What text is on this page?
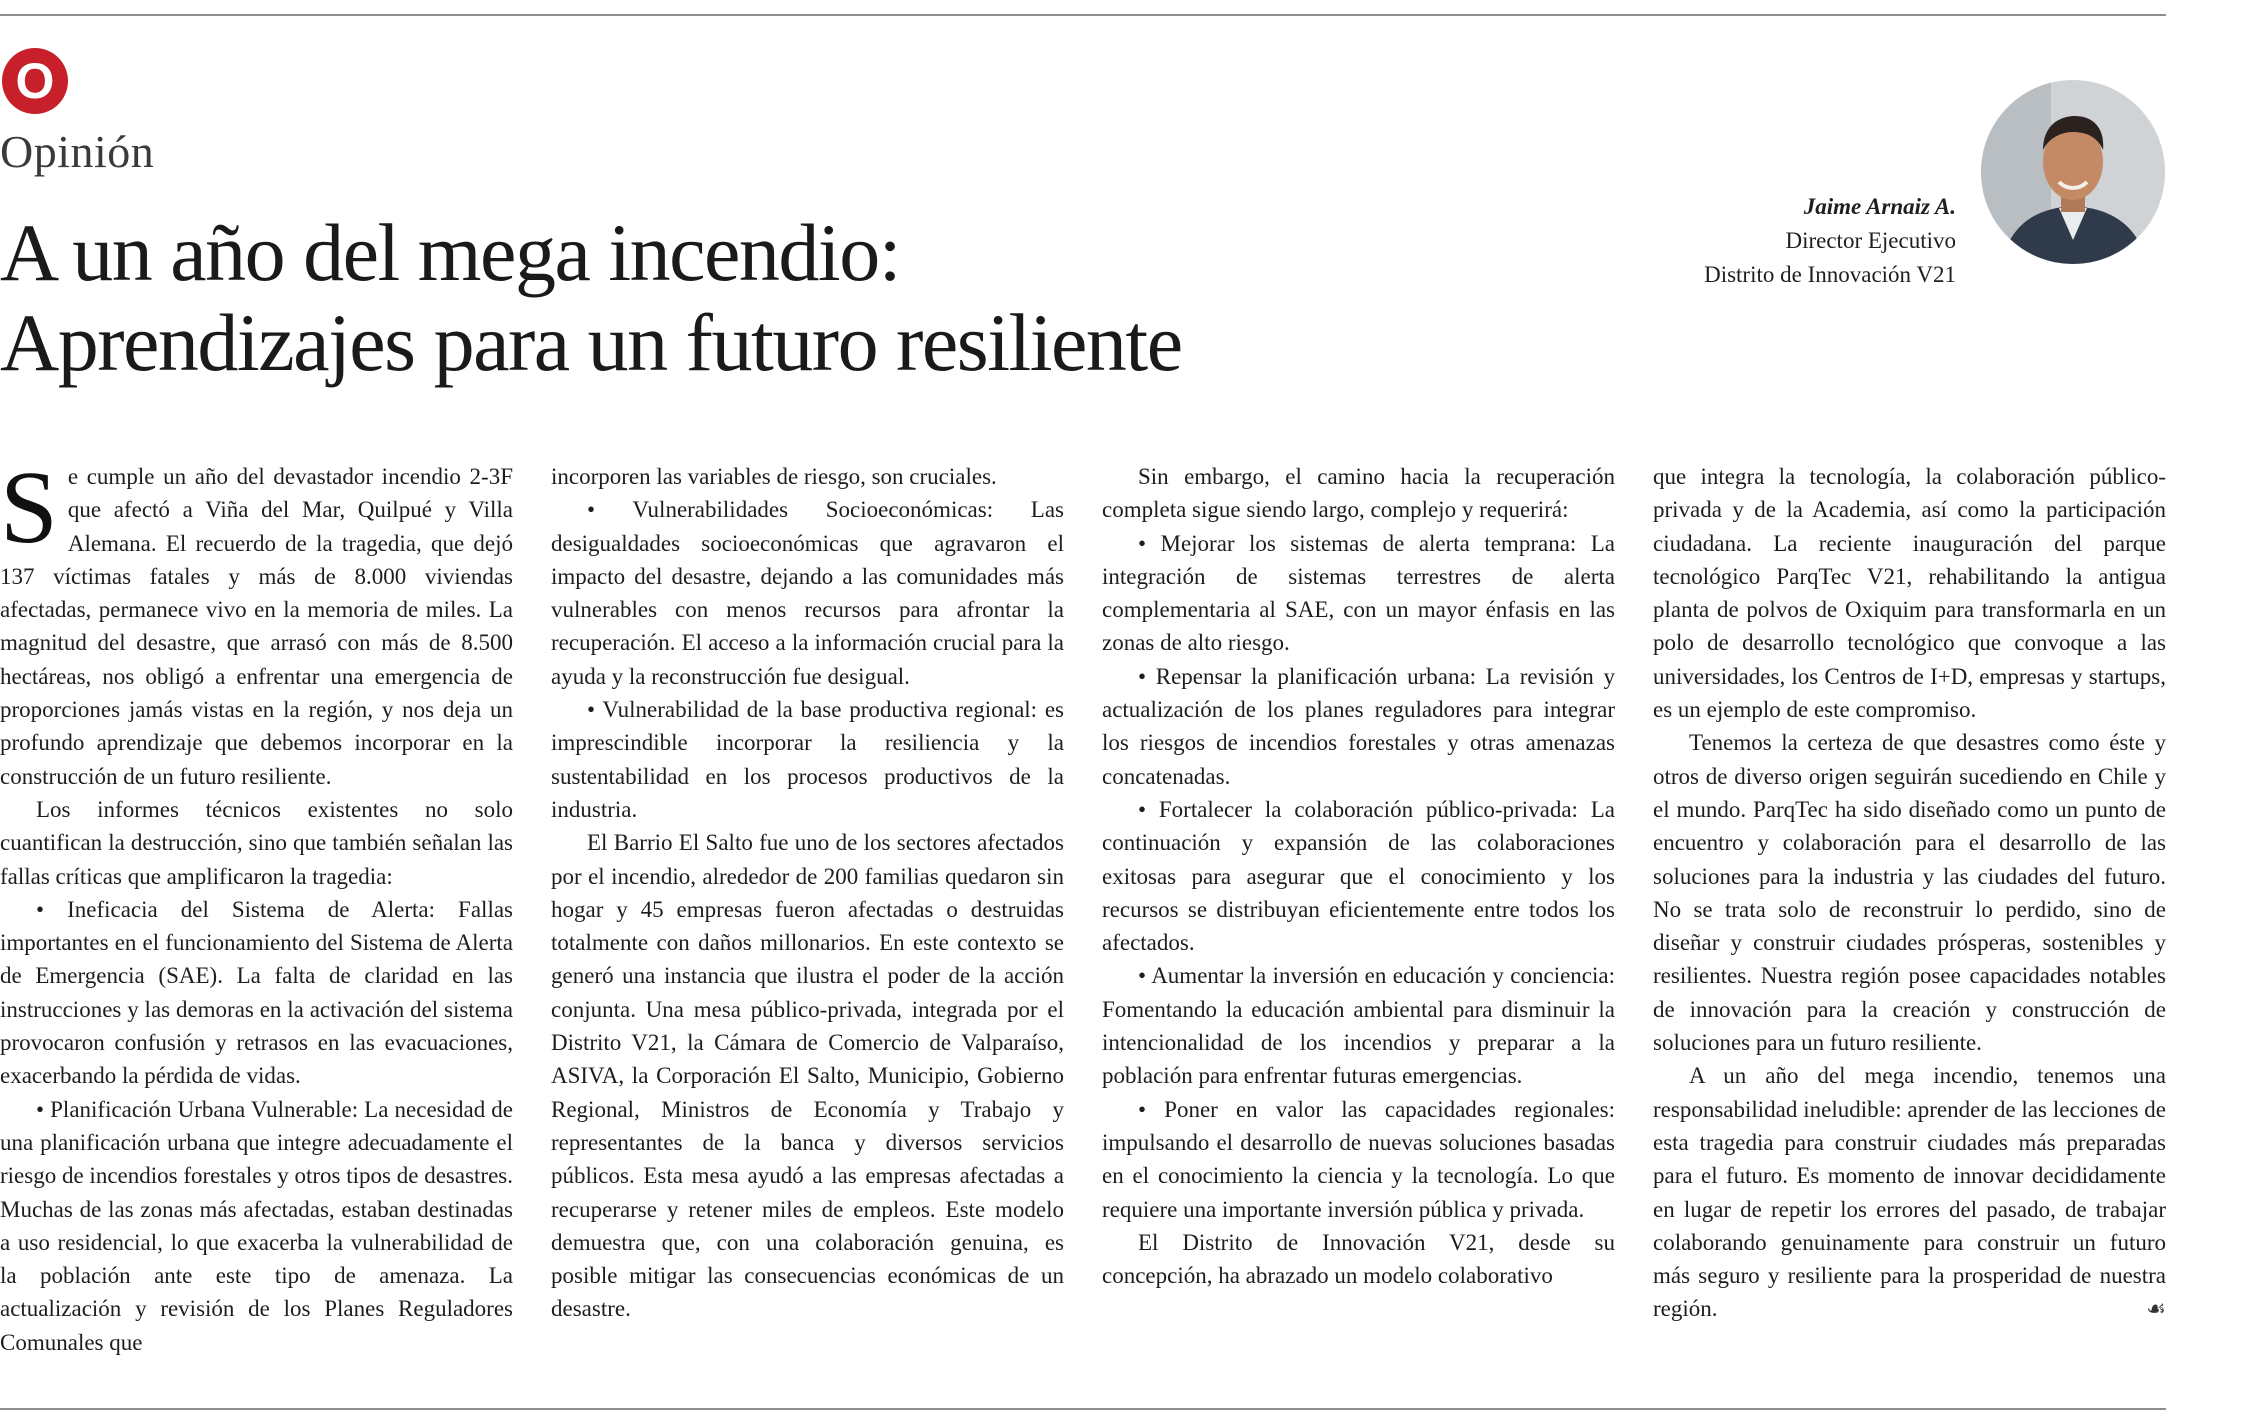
O
Opinión
A un año del mega incendio:
Aprendizajes para un futuro resiliente
Jaime Arnaiz A.
Director Ejecutivo
Distrito de Innovación V21

Se cumple un año del devastador incendio 2-3F que afectó a Viña del Mar, Quilpué y Villa Alemana. El recuerdo de la tragedia, que dejó 137 víctimas fatales y más de 8.000 viviendas afectadas, permanece vivo en la memoria de miles. La magnitud del desastre, que arrasó con más de 8.500 hectáreas, nos obligó a enfrentar una emergencia de proporciones jamás vistas en la región, y nos deja un profundo aprendizaje que debemos incorporar en la construcción de un futuro resiliente.

Los informes técnicos existentes no solo cuantifican la destrucción, sino que también señalan las fallas críticas que amplificaron la tragedia:

• Ineficacia del Sistema de Alerta: Fallas importantes en el funcionamiento del Sistema de Alerta de Emergencia (SAE). La falta de claridad en las instrucciones y las demoras en la activación del sistema provocaron confusión y retrasos en las evacuaciones, exacerbando la pérdida de vidas.

• Planificación Urbana Vulnerable: La necesidad de una planificación urbana que integre adecuadamente el riesgo de incendios forestales y otros tipos de desastres. Muchas de las zonas más afectadas, estaban destinadas a uso residencial, lo que exacerba la vulnerabilidad de la población ante este tipo de amenaza. La actualización y revisión de los Planes Reguladores Comunales que

incorporen las variables de riesgo, son cruciales.

• Vulnerabilidades Socioeconómicas: Las desigualdades socioeconómicas que agravaron el impacto del desastre, dejando a las comunidades más vulnerables con menos recursos para afrontar la recuperación. El acceso a la información crucial para la ayuda y la reconstrucción fue desigual.

• Vulnerabilidad de la base productiva regional: es imprescindible incorporar la resiliencia y la sustentabilidad en los procesos productivos de la industria.

El Barrio El Salto fue uno de los sectores afectados por el incendio, alrededor de 200 familias quedaron sin hogar y 45 empresas fueron afectadas o destruidas totalmente con daños millonarios. En este contexto se generó una instancia que ilustra el poder de la acción conjunta. Una mesa público-privada, integrada por el Distrito V21, la Cámara de Comercio de Valparaíso, ASIVA, la Corporación El Salto, Municipio, Gobierno Regional, Ministros de Economía y Trabajo y representantes de la banca y diversos servicios públicos. Esta mesa ayudó a las empresas afectadas a recuperarse y retener miles de empleos. Este modelo demuestra que, con una colaboración genuina, es posible mitigar las consecuencias económicas de un desastre.

Sin embargo, el camino hacia la recuperación completa sigue siendo largo, complejo y requerirá:

• Mejorar los sistemas de alerta temprana: La integración de sistemas terrestres de alerta complementaria al SAE, con un mayor énfasis en las zonas de alto riesgo.

• Repensar la planificación urbana: La revisión y actualización de los planes reguladores para integrar los riesgos de incendios forestales y otras amenazas concatenadas.

• Fortalecer la colaboración público-privada: La continuación y expansión de las colaboraciones exitosas para asegurar que el conocimiento y los recursos se distribuyan eficientemente entre todos los afectados.

• Aumentar la inversión en educación y conciencia: Fomentando la educación ambiental para disminuir la intencionalidad de los incendios y preparar a la población para enfrentar futuras emergencias.

• Poner en valor las capacidades regionales: impulsando el desarrollo de nuevas soluciones basadas en el conocimiento la ciencia y la tecnología. Lo que requiere una importante inversión pública y privada.

El Distrito de Innovación V21, desde su concepción, ha abrazado un modelo colaborativo

que integra la tecnología, la colaboración público-privada y de la Academia, así como la participación ciudadana. La reciente inauguración del parque tecnológico ParqTec V21, rehabilitando la antigua planta de polvos de Oxiquim para transformarla en un polo de desarrollo tecnológico que convoque a las universidades, los Centros de I+D, empresas y startups, es un ejemplo de este compromiso.

Tenemos la certeza de que desastres como éste y otros de diverso origen seguirán sucediendo en Chile y el mundo. ParqTec ha sido diseñado como un punto de encuentro y colaboración para el desarrollo de las soluciones para la industria y las ciudades del futuro. No se trata solo de reconstruir lo perdido, sino de diseñar y construir ciudades prósperas, sostenibles y resilientes. Nuestra región posee capacidades notables de innovación para la creación y construcción de soluciones para un futuro resiliente.

A un año del mega incendio, tenemos una responsabilidad ineludible: aprender de las lecciones de esta tragedia para construir ciudades más preparadas para el futuro. Es momento de innovar decididamente en lugar de repetir los errores del pasado, de trabajar colaborando genuinamente para construir un futuro más seguro y resiliente para la prosperidad de nuestra región.	☙
